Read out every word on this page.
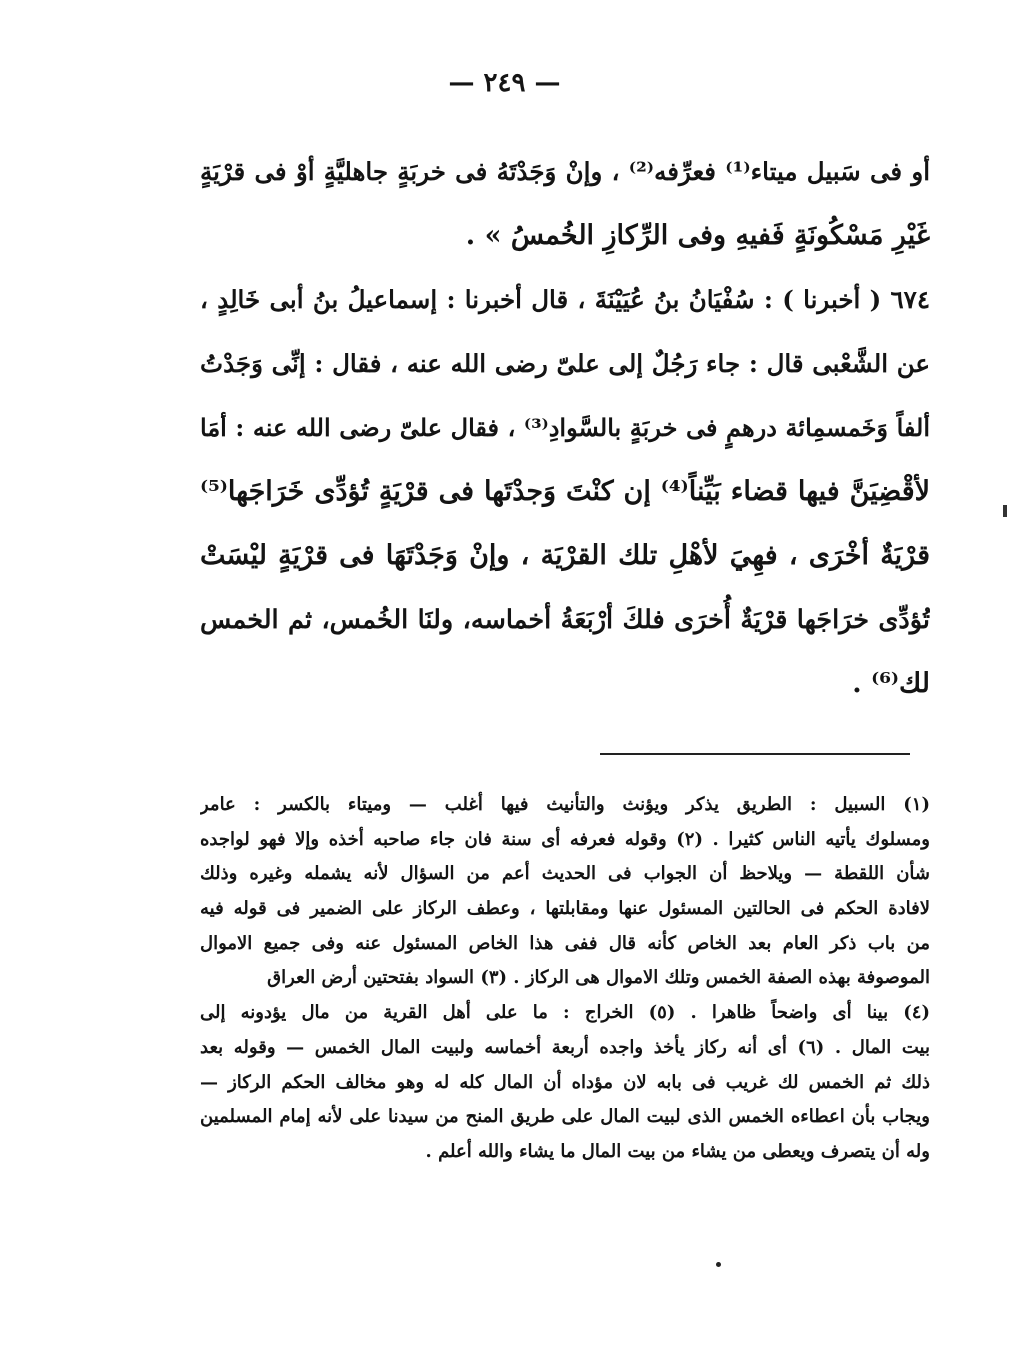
— ٢٤٩ —
أو فى سَبيل ميتاء⁽¹⁾ فعرِّفه⁽²⁾ ، وإنْ وَجَدْتَهُ فى خربَةٍ جاهليَّةٍ أوْ فى قرْيَةٍ
غَيْرِ مَسْكُونَةٍ فَفيهِ وفى الرِّكازِ الخُمسُ » .
٦٧٤ ( أخبرنا ) : سُفْيَانُ بنُ عُيَيْنَةَ ، قال أخبرنا : إسماعيلُ بنُ أبى خَالِدٍ ،
عن الشَّعْبى قال : جاء رَجُلٌ إلى علىّ رضى الله عنه ، فقال : إنِّى وَجَدْتُ
ألفاً وَخَمسمِائة درهمٍ فى خربَةٍ بالسَّوادِ⁽³⁾ ، فقال علىّ رضى الله عنه : أمَا
لأقْضِيَنَّ فيها قضاء بَيِّناً⁽⁴⁾ إن كنْتَ وَجدْتَها فى قرْيَةٍ تُؤدِّى خَرَاجَها⁽⁵⁾
قرْيَةٌ أخْرَى ، فهِيَ لأهْلِ تلك القرْيَة ، وإنْ وَجَدْتَهَا فى قرْيَةٍ ليْسَتْ
تُؤدِّى خرَاجَها قرْيَةٌ أُخرَى فلكَ أرْبَعَةُ أخماسه، ولنَا الخُمس، ثم الخمس
لك⁽⁶⁾ .
(١) السبيل : الطريق يذكر ويؤنث والتأنيث فيها أغلب — وميتاء بالكسر : عامر
ومسلوك يأتيه الناس كثيرا . (٢) وقوله فعرفه أى سنة فان جاء صاحبه أخذه وإلا فهو لواجده
شأن اللقطة — ويلاحظ أن الجواب فى الحديث أعم من السؤال لأنه يشمله وغيره وذلك
لافادة الحكم فى الحالتين المسئول عنها ومقابلتها ، وعطف الركاز على الضمير فى قوله فيه
من باب ذكر العام بعد الخاص كأنه قال ففى هذا الخاص المسئول عنه وفى جميع الاموال
الموصوفة بهذه الصفة الخمس وتلك الاموال هى الركاز . (٣) السواد بفتحتين أرض العراق
(٤) بينا أى واضحاً ظاهرا . (٥) الخراج : ما على أهل القرية من مال يؤدونه إلى
بيت المال . (٦) أى أنه ركاز يأخذ واجده أربعة أخماسه ولبيت المال الخمس — وقوله بعد
ذلك ثم الخمس لك غريب فى بابه لان مؤداه أن المال كله له وهو مخالف الحكم الركاز —
ويجاب بأن اعطاءه الخمس الذى لبيت المال على طريق المنح من سيدنا على لأنه إمام المسلمين
وله أن يتصرف ويعطى من يشاء من بيت المال ما يشاء والله أعلم .
